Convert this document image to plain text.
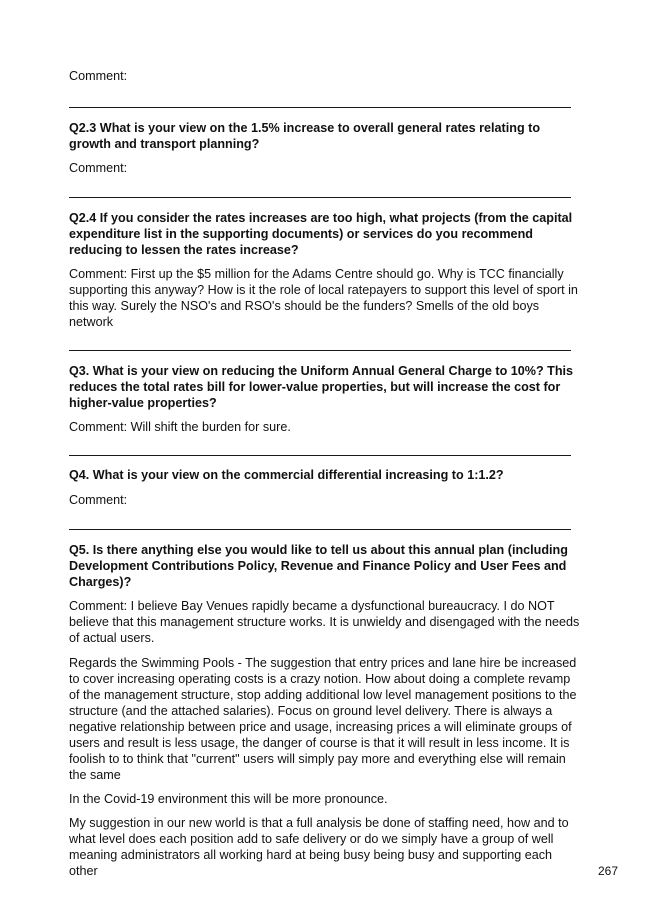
Comment:

Q2.3 What is your view on the 1.5% increase to overall general rates relating to growth and transport planning?

Comment:

Q2.4 If you consider the rates increases are too high, what projects (from the capital expenditure list in the supporting documents) or services do you recommend reducing to lessen the rates increase?

Comment: First up the $5 million for the Adams Centre should go. Why is TCC financially supporting this anyway? How is it the role of local ratepayers to support this level of sport in this way. Surely the NSO's and RSO's should be the funders? Smells of the old boys network

Q3. What is your view on reducing the Uniform Annual General Charge to 10%? This reduces the total rates bill for lower-value properties, but will increase the cost for higher-value properties?

Comment: Will shift the burden for sure.

Q4. What is your view on the commercial differential increasing to 1:1.2?

Comment:

Q5. Is there anything else you would like to tell us about this annual plan (including Development Contributions Policy, Revenue and Finance Policy and User Fees and Charges)?

Comment: I believe Bay Venues rapidly became a dysfunctional bureaucracy. I do NOT believe that this management structure works. It is unwieldy and disengaged with the needs of actual users.

Regards the Swimming Pools - The suggestion that entry prices and lane hire be increased to cover increasing operating costs is a crazy notion. How about doing a complete revamp of the management structure, stop adding additional low level management positions to the structure (and the attached salaries). Focus on ground level delivery. There is always a negative relationship between price and usage, increasing prices a will eliminate groups of users and result is less usage, the danger of course is that it will result in less income. It is foolish to to think that "current" users will simply pay more and everything else will remain the same

In the Covid-19 environment this will be more pronounce.

My suggestion in our new world is that a full analysis be done of staffing need, how and to what level does each position add to safe delivery or do we simply have a group of well meaning administrators all working hard at being busy being busy and supporting each other	267
